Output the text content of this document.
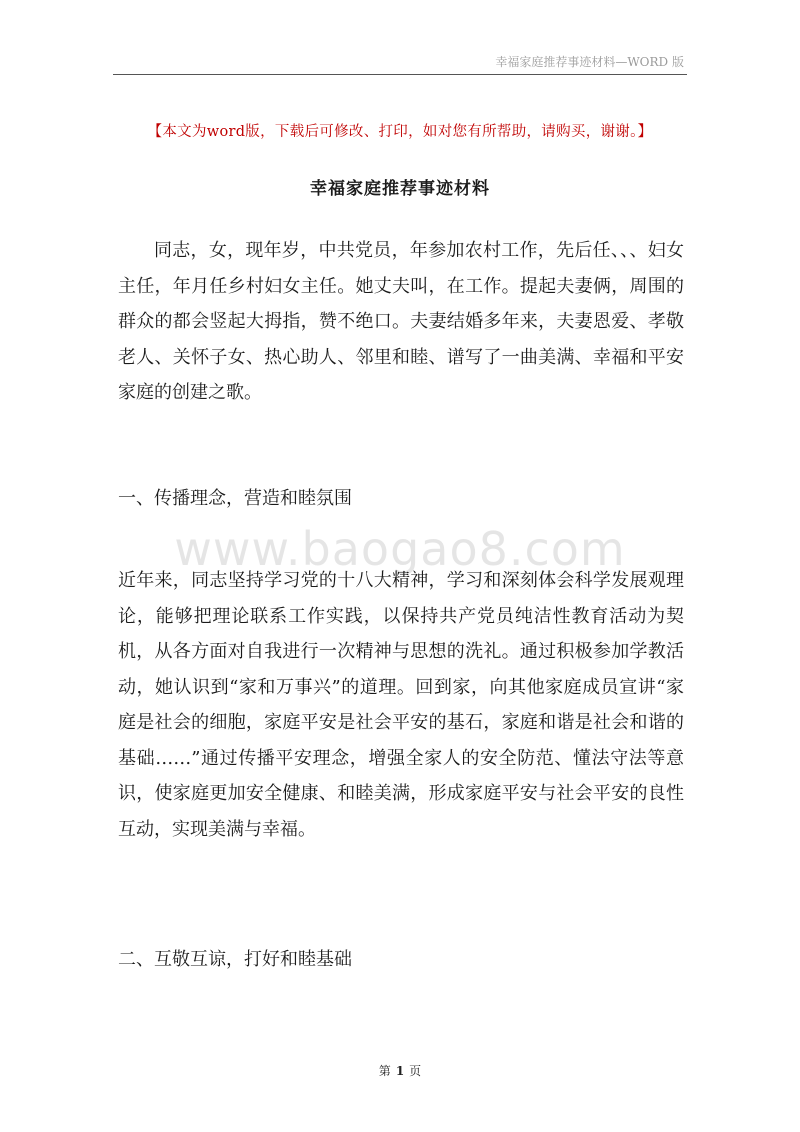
幸福家庭推荐事迹材料—WORD 版
【本文为word版，下载后可修改、打印，如对您有所帮助，请购买，谢谢。】
幸福家庭推荐事迹材料

同志，女，现年岁，中共党员，年参加农村工作，先后任、、、妇女主任，年月任乡村妇女主任。她丈夫叫，在工作。提起夫妻俩，周围的群众的都会竖起大拇指，赞不绝口。夫妻结婚多年来，夫妻恩爱、孝敬老人、关怀子女、热心助人、邻里和睦、谱写了一曲美满、幸福和平安家庭的创建之歌。

一、传播理念，营造和睦氛围

www.baogao8.com

近年来，同志坚持学习党的十八大精神，学习和深刻体会科学发展观理论，能够把理论联系工作实践，以保持共产党员纯洁性教育活动为契机，从各方面对自我进行一次精神与思想的洗礼。通过积极参加学教活动，她认识到“家和万事兴”的道理。回到家，向其他家庭成员宣讲“家庭是社会的细胞，家庭平安是社会平安的基石，家庭和谐是社会和谐的基础……”通过传播平安理念，增强全家人的安全防范、懂法守法等意识，使家庭更加安全健康、和睦美满，形成家庭平安与社会平安的良性互动，实现美满与幸福。

二、互敬互谅，打好和睦基础

第 1 页
